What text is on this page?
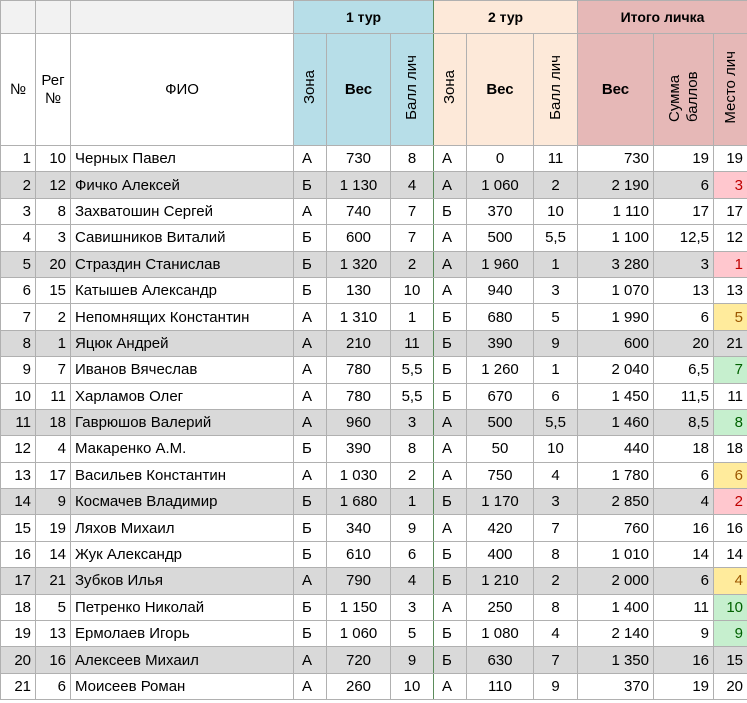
			1 тур			2 тур			Итого личка		
№	Рег №	ФИО	Зона	Вес	Балл лич	Зона	Вес	Балл лич	Вес	Сумма баллов	Место лич
1	10	Черных Павел	А	730	8	А	0	11	730	19	19
2	12	Фичко Алексей	Б	1 130	4	А	1 060	2	2 190	6	3
3	8	Захватошин Сергей	А	740	7	Б	370	10	1 110	17	17
4	3	Савишников Виталий	Б	600	7	А	500	5,5	1 100	12,5	12
5	20	Страздин Станислав	Б	1 320	2	А	1 960	1	3 280	3	1
6	15	Катышев Александр	Б	130	10	А	940	3	1 070	13	13
7	2	Непомнящих Константин	А	1 310	1	Б	680	5	1 990	6	5
8	1	Яцюк Андрей	А	210	11	Б	390	9	600	20	21
9	7	Иванов Вячеслав	А	780	5,5	Б	1 260	1	2 040	6,5	7
10	11	Харламов Олег	А	780	5,5	Б	670	6	1 450	11,5	11
11	18	Гаврюшов Валерий	А	960	3	А	500	5,5	1 460	8,5	8
12	4	Макаренко А.М.	Б	390	8	А	50	10	440	18	18
13	17	Васильев Константин	А	1 030	2	А	750	4	1 780	6	6
14	9	Космачев Владимир	Б	1 680	1	Б	1 170	3	2 850	4	2
15	19	Ляхов Михаил	Б	340	9	А	420	7	760	16	16
16	14	Жук Александр	Б	610	6	Б	400	8	1 010	14	14
17	21	Зубков Илья	А	790	4	Б	1 210	2	2 000	6	4
18	5	Петренко Николай	Б	1 150	3	А	250	8	1 400	11	10
19	13	Ермолаев Игорь	Б	1 060	5	Б	1 080	4	2 140	9	9
20	16	Алексеев Михаил	А	720	9	Б	630	7	1 350	16	15
21	6	Моисеев Роман	А	260	10	А	110	9	370	19	20
